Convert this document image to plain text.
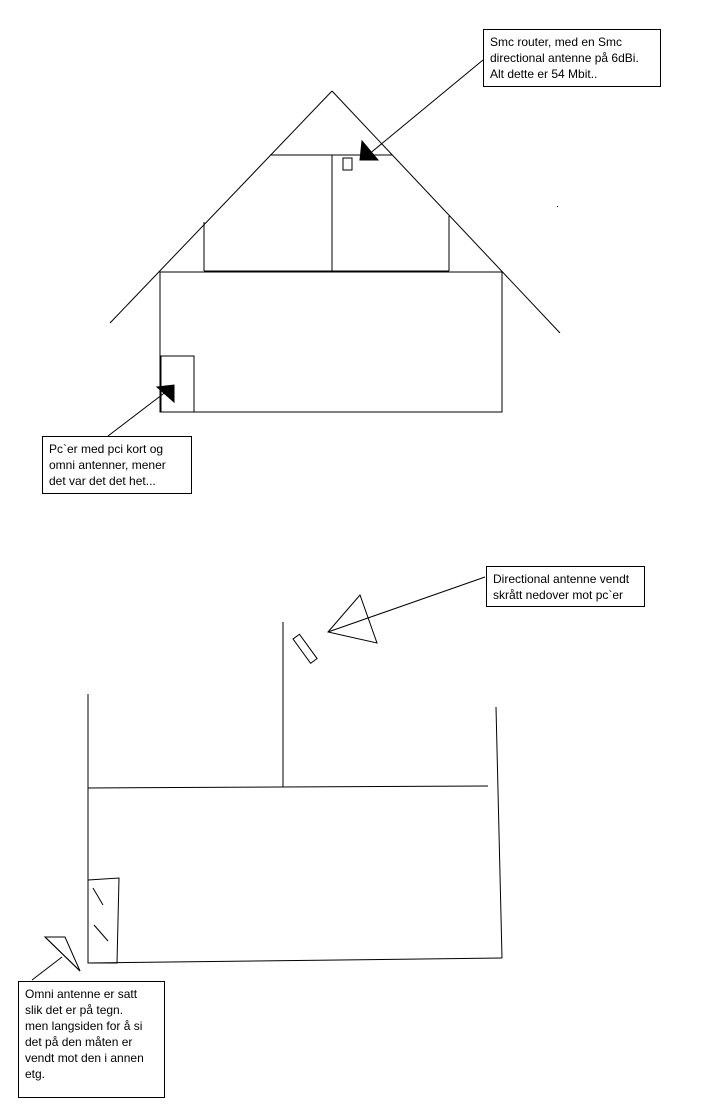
Smc router, med en Smc

directional antenne på 6dBi.

Alt dette er 54 Mbit..

Pc`er med pci kort og

omni antenner, mener

det var det det het...

Directional antenne vendt

skrått nedover mot pc`er

Omni antenne er satt

slik det er på tegn.

men langsiden for å si

det på den måten er

vendt mot den i annen

etg.
